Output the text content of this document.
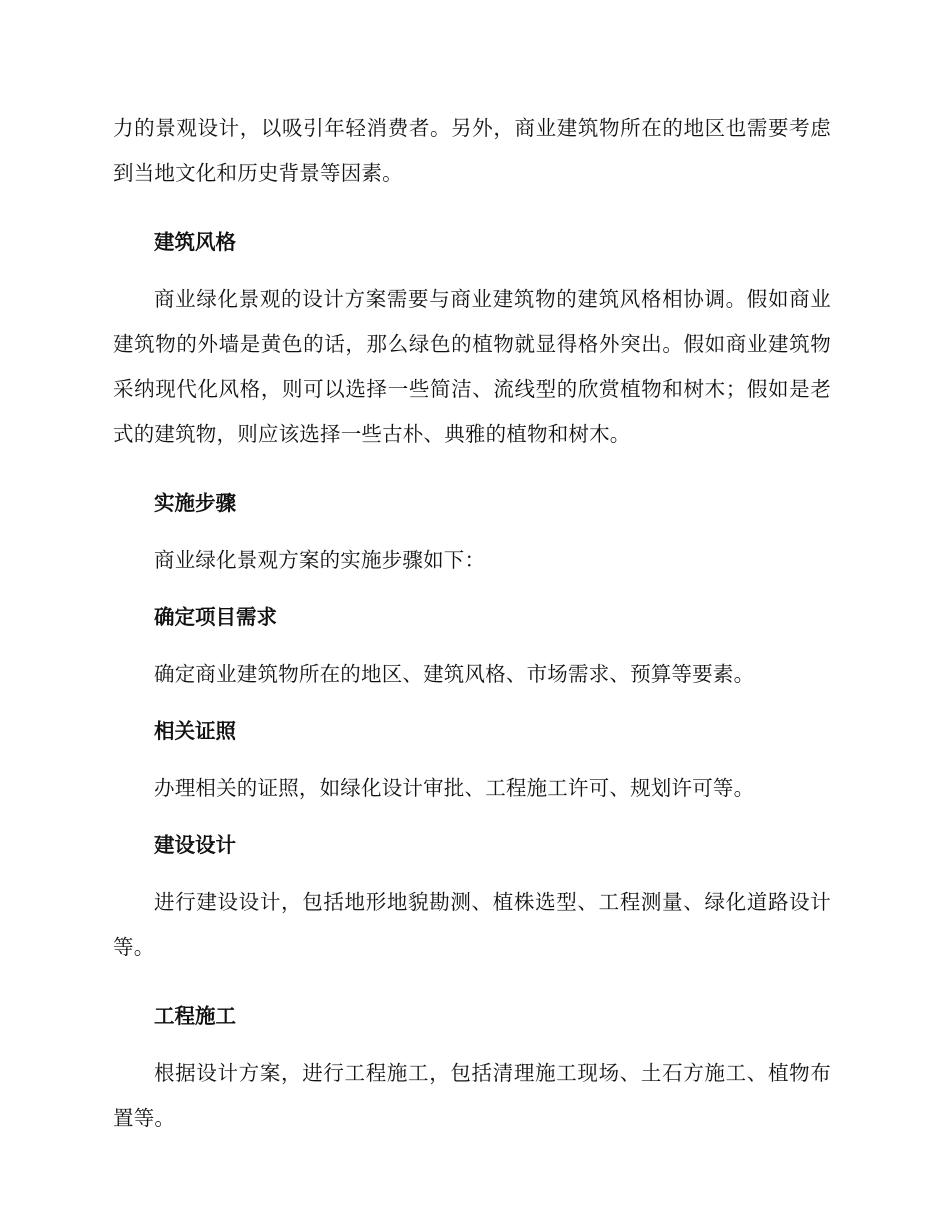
力的景观设计，以吸引年轻消费者。另外，商业建筑物所在的地区也需要考虑到当地文化和历史背景等因素。

建筑风格

商业绿化景观的设计方案需要与商业建筑物的建筑风格相协调。假如商业建筑物的外墙是黄色的话，那么绿色的植物就显得格外突出。假如商业建筑物采纳现代化风格，则可以选择一些简洁、流线型的欣赏植物和树木；假如是老式的建筑物，则应该选择一些古朴、典雅的植物和树木。

实施步骤

商业绿化景观方案的实施步骤如下：

确定项目需求

确定商业建筑物所在的地区、建筑风格、市场需求、预算等要素。

相关证照

办理相关的证照，如绿化设计审批、工程施工许可、规划许可等。

建设设计

进行建设设计，包括地形地貌勘测、植株选型、工程测量、绿化道路设计等。

工程施工

根据设计方案，进行工程施工，包括清理施工现场、土石方施工、植物布置等。
